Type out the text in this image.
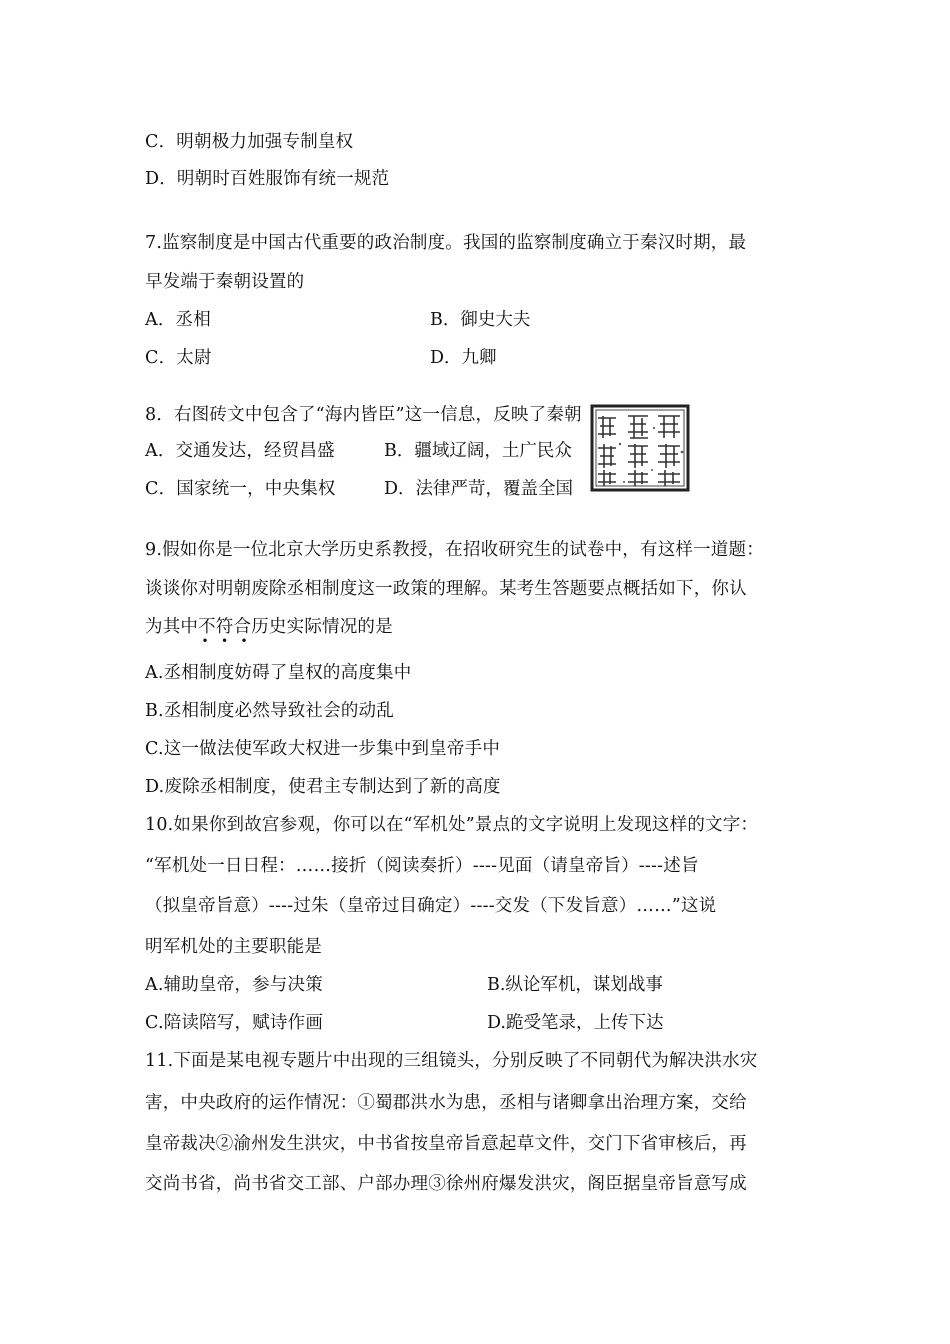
C．明朝极力加强专制皇权
D．明朝时百姓服饰有统一规范
7.监察制度是中国古代重要的政治制度。我国的监察制度确立于秦汉时期，最
早发端于秦朝设置的
A．丞相	B．御史大夫
C．太尉	D．九卿
8．右图砖文中包含了“海内皆臣”这一信息，反映了秦朝
A．交通发达，经贸昌盛	B．疆域辽阔，土广民众
C．国家统一，中央集权	D．法律严苛，覆盖全国
9.假如你是一位北京大学历史系教授，在招收研究生的试卷中，有这样一道题：
谈谈你对明朝废除丞相制度这一政策的理解。某考生答题要点概括如下，你认
为其中不符合
•  •  •
历史实际情况的是
A.丞相制度妨碍了皇权的高度集中
B.丞相制度必然导致社会的动乱
C.这一做法使军政大权进一步集中到皇帝手中
D.废除丞相制度，使君主专制达到了新的高度
10.如果你到故宫参观，你可以在“军机处”景点的文字说明上发现这样的文字：
“军机处一日日程：……接折（阅读奏折）----见面（请皇帝旨）----述旨
（拟皇帝旨意）----过朱（皇帝过目确定）----交发（下发旨意）……”这说
明军机处的主要职能是
A.辅助皇帝，参与决策	B.纵论军机，谋划战事
C.陪读陪写，赋诗作画	D.跪受笔录，上传下达
11.下面是某电视专题片中出现的三组镜头，分别反映了不同朝代为解决洪水灾
害，中央政府的运作情况：①蜀郡洪水为患，丞相与诸卿拿出治理方案，交给
皇帝裁决②渝州发生洪灾，中书省按皇帝旨意起草文件，交门下省审核后，再
交尚书省，尚书省交工部、户部办理③徐州府爆发洪灾，阁臣据皇帝旨意写成
